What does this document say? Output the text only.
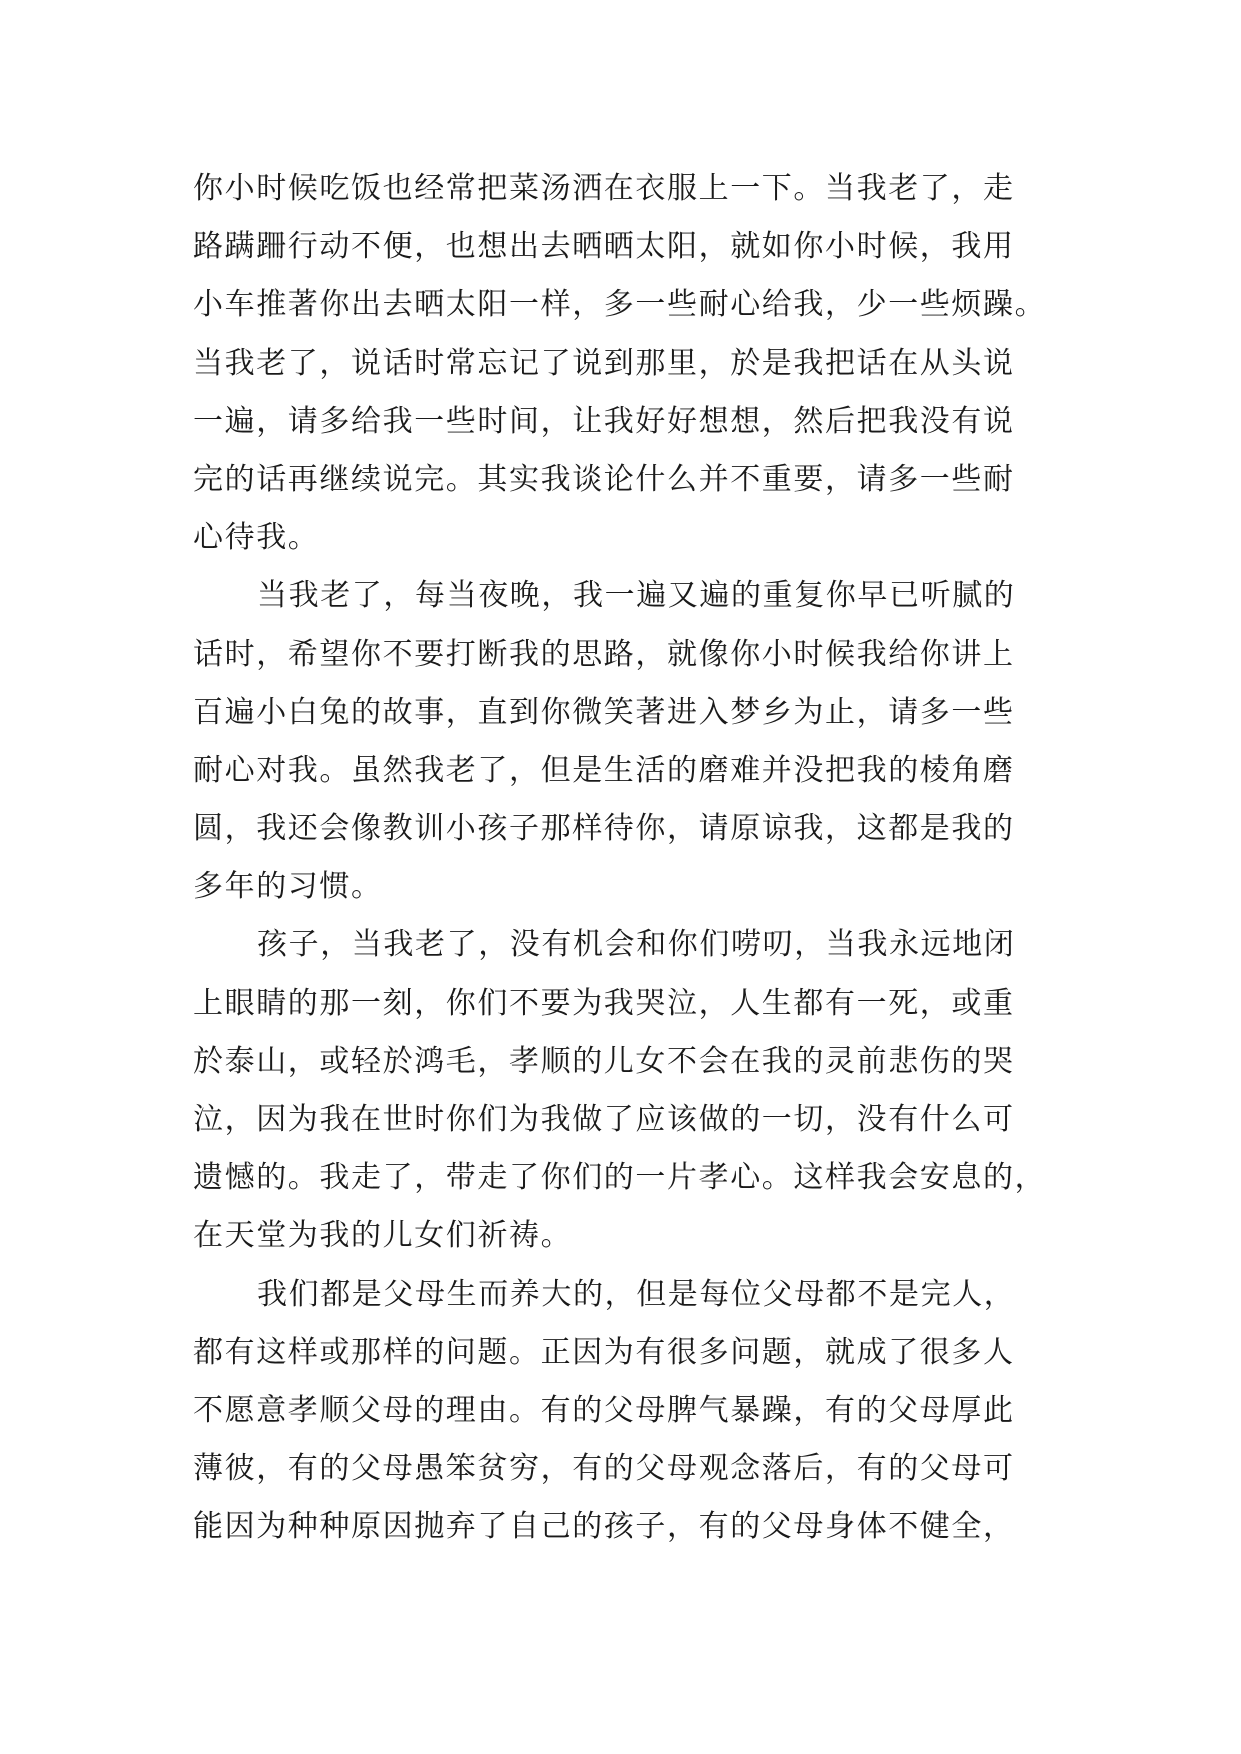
你小时候吃饭也经常把菜汤洒在衣服上一下。当我老了，走
路蹒跚行动不便，也想出去晒晒太阳，就如你小时候，我用
小车推著你出去晒太阳一样，多一些耐心给我，少一些烦躁。
当我老了，说话时常忘记了说到那里，於是我把话在从头说
一遍，请多给我一些时间，让我好好想想，然后把我没有说
完的话再继续说完。其实我谈论什么并不重要，请多一些耐
心待我。
当我老了，每当夜晚，我一遍又遍的重复你早已听腻的
话时，希望你不要打断我的思路，就像你小时候我给你讲上
百遍小白兔的故事，直到你微笑著进入梦乡为止，请多一些
耐心对我。虽然我老了，但是生活的磨难并没把我的棱角磨
圆，我还会像教训小孩子那样待你，请原谅我，这都是我的
多年的习惯。
孩子，当我老了，没有机会和你们唠叨，当我永远地闭
上眼睛的那一刻，你们不要为我哭泣，人生都有一死，或重
於泰山，或轻於鸿毛，孝顺的儿女不会在我的灵前悲伤的哭
泣，因为我在世时你们为我做了应该做的一切，没有什么可
遗憾的。我走了，带走了你们的一片孝心。这样我会安息的，
在天堂为我的儿女们祈祷。
我们都是父母生而养大的，但是每位父母都不是完人，
都有这样或那样的问题。正因为有很多问题，就成了很多人
不愿意孝顺父母的理由。有的父母脾气暴躁，有的父母厚此
薄彼，有的父母愚笨贫穷，有的父母观念落后，有的父母可
能因为种种原因抛弃了自己的孩子，有的父母身体不健全，
